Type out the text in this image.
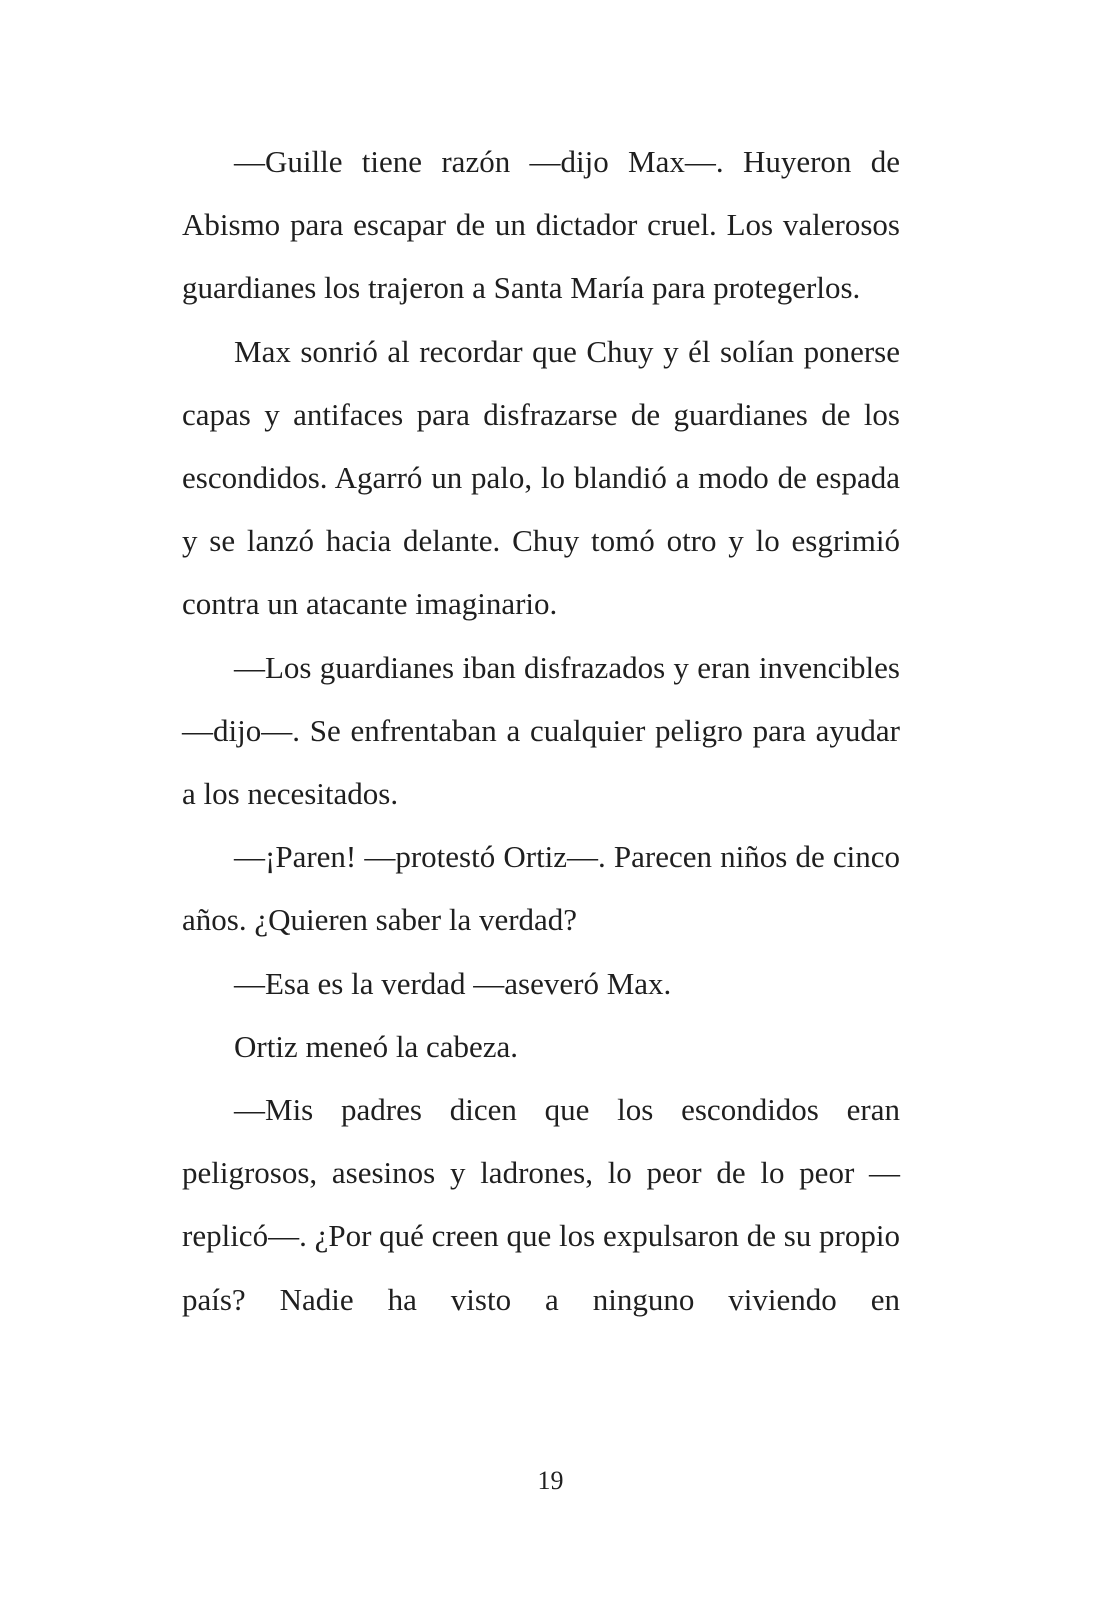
—Guille tiene razón —dijo Max—. Huyeron de Abismo para escapar de un dictador cruel. Los valerosos guardianes los trajeron a Santa María para protegerlos.

Max sonrió al recordar que Chuy y él solían ponerse capas y antifaces para disfrazarse de guardianes de los escondidos. Agarró un palo, lo blandió a modo de espada y se lanzó hacia delante. Chuy tomó otro y lo esgrimió contra un atacante imaginario.

—Los guardianes iban disfrazados y eran invencibles —dijo—. Se enfrentaban a cualquier peligro para ayudar a los necesitados.

—¡Paren! —protestó Ortiz—. Parecen niños de cinco años. ¿Quieren saber la verdad?

—Esa es la verdad —aseveró Max.

Ortiz meneó la cabeza.

—Mis padres dicen que los escondidos eran peligrosos, asesinos y ladrones, lo peor de lo peor —replicó—. ¿Por qué creen que los expulsaron de su propio país? Nadie ha visto a ninguno viviendo en

19
